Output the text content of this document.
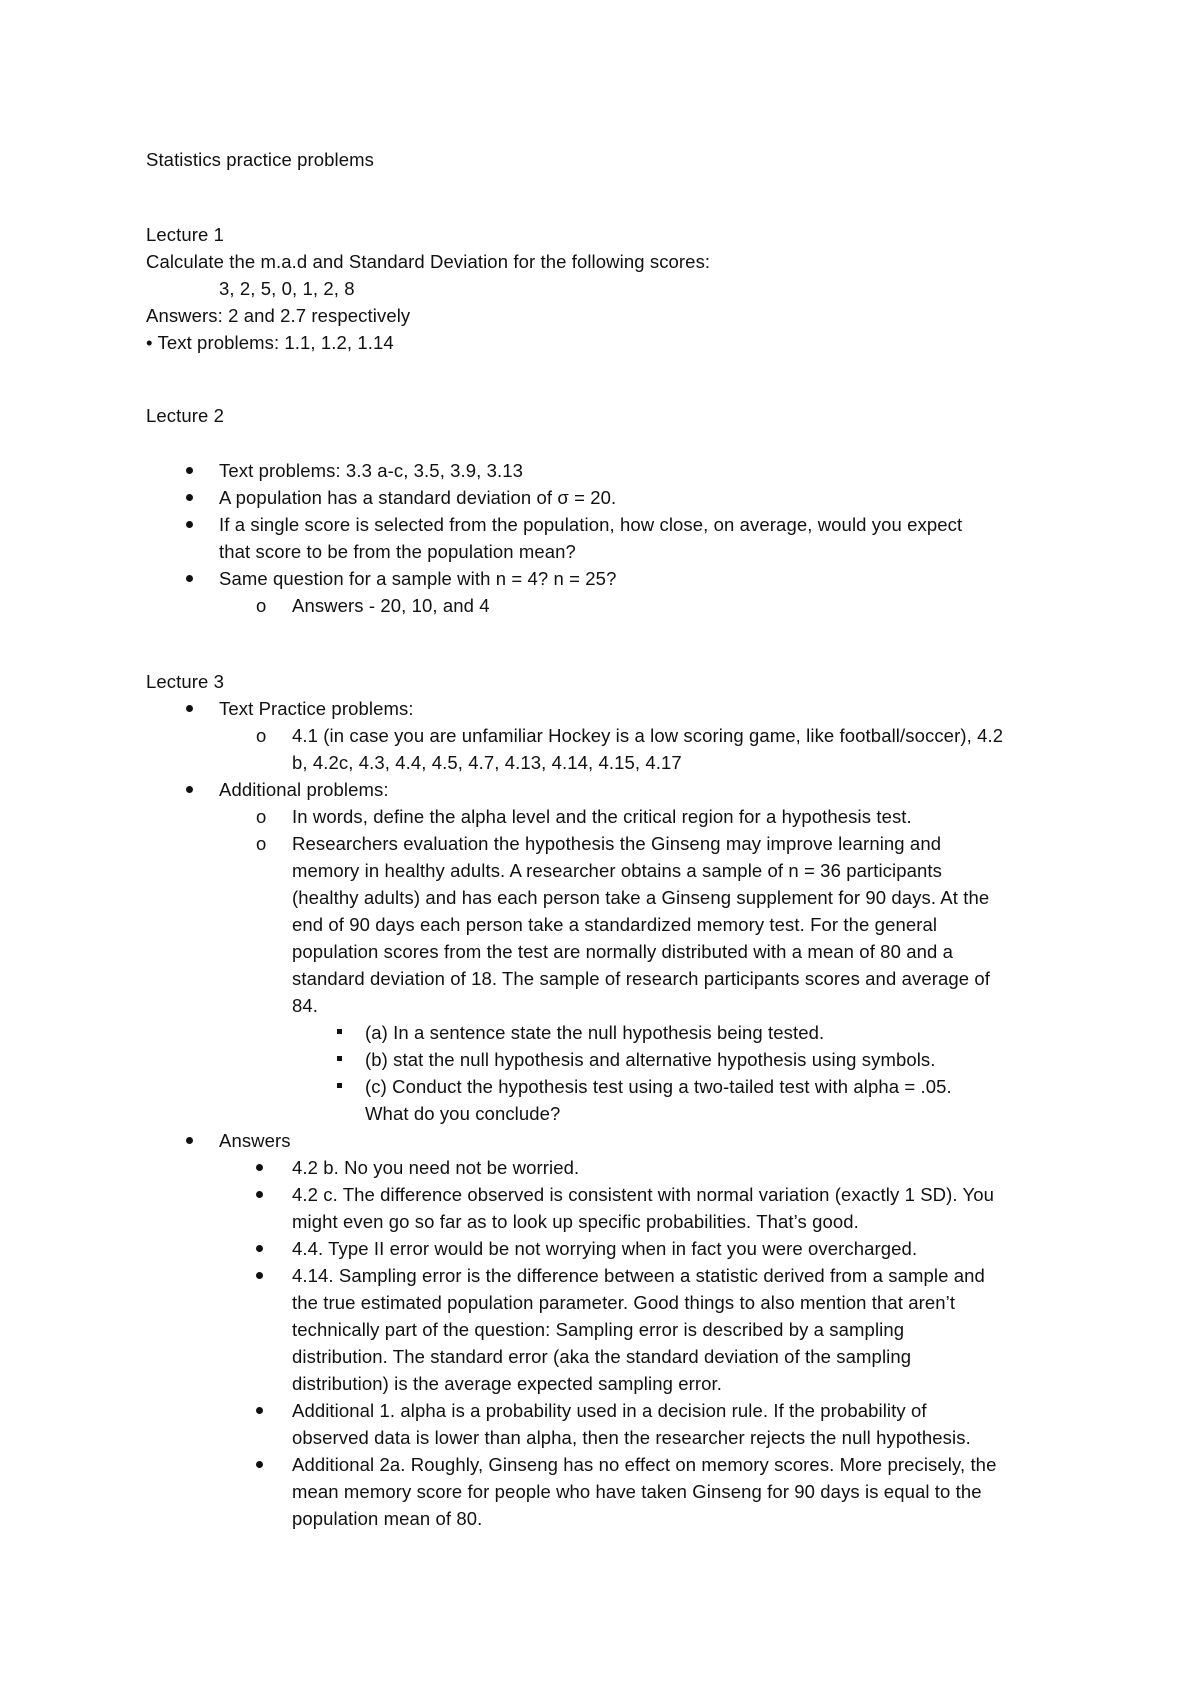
Statistics practice problems
Lecture 1
Calculate the m.a.d and Standard Deviation for the following scores:
3, 2, 5, 0, 1, 2, 8
Answers: 2 and 2.7 respectively
• Text problems: 1.1, 1.2, 1.14
Lecture 2
Text problems: 3.3 a-c, 3.5, 3.9, 3.13
A population has a standard deviation of σ = 20.
If a single score is selected from the population, how close, on average, would you expect
that score to be from the population mean?
Same question for a sample with n = 4? n = 25?
o Answers - 20, 10, and 4
Lecture 3
Text Practice problems:
o 4.1 (in case you are unfamiliar Hockey is a low scoring game, like football/soccer), 4.2
b, 4.2c, 4.3, 4.4, 4.5, 4.7, 4.13, 4.14, 4.15, 4.17
Additional problems:
o In words, define the alpha level and the critical region for a hypothesis test.
o Researchers evaluation the hypothesis the Ginseng may improve learning and
memory in healthy adults. A researcher obtains a sample of n = 36 participants
(healthy adults) and has each person take a Ginseng supplement for 90 days. At the
end of 90 days each person take a standardized memory test. For the general
population scores from the test are normally distributed with a mean of 80 and a
standard deviation of 18. The sample of research participants scores and average of
84.
(a) In a sentence state the null hypothesis being tested.
(b) stat the null hypothesis and alternative hypothesis using symbols.
(c) Conduct the hypothesis test using a two-tailed test with alpha = .05.
What do you conclude?
Answers
4.2 b. No you need not be worried.
4.2 c. The difference observed is consistent with normal variation (exactly 1 SD). You
might even go so far as to look up specific probabilities. That’s good.
4.4. Type II error would be not worrying when in fact you were overcharged.
4.14. Sampling error is the difference between a statistic derived from a sample and
the true estimated population parameter. Good things to also mention that aren’t
technically part of the question: Sampling error is described by a sampling
distribution. The standard error (aka the standard deviation of the sampling
distribution) is the average expected sampling error.
Additional 1. alpha is a probability used in a decision rule. If the probability of
observed data is lower than alpha, then the researcher rejects the null hypothesis.
Additional 2a. Roughly, Ginseng has no effect on memory scores. More precisely, the
mean memory score for people who have taken Ginseng for 90 days is equal to the
population mean of 80.
